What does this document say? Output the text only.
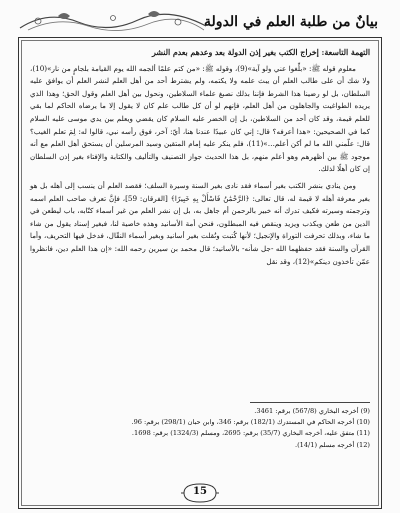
بيانٌ من طلبة العلم في الدولة

التهمة التاسعة: إخراج الكتب بغير إذن الدولة بعد وعدهم بعدم النشر

معلوم قوله ﷺ: «بلِّغوا عني ولو آية»(9)، وقوله ﷺ: «من كتم علمًا ألجمه الله يوم القيامة بلجامٍ من نار»(10)، ولا شك أن على طالب العلم أن يبث علمه ولا يكتمه، ولم يشترط أحد من أهل العلم لنشر العلم أن يوافق عليه السلطان، بل لو رضينا هذا الشرط فإننا بذلك نصبغ علماء السلاطين، ونحول بين أهل العلم وقول الحق؛ وهذا الذي يريده الطواغيت والجاهلون من أهل العلم، فإنهم لو أن كل طالب علم كان لا يقول إلا ما يرضاه الحاكم لما بقي للعلم قيمة، وقد كان أحد من السلاطين، بل إن الخضر عليه السلام كان يقضي ويعلم بين يدي موسى عليه السلام كما في الصحيحين: «هذا أعرفه؟ قال: إني كان عبيدًا عندنا هنا، أيّ: آخر، فوق رأسه نبي، قالوا له: لِمَ تعلم الغيب؟ قال: علّمني الله ما لم أكن أعلم…»(11)، فلم ينكر عليه إمام المتقين وسيد المرسلين أن يستحق أهل العلم مع أنه موجود ﷺ بين أظهرهم وهو أعلم منهم، بل هذا الحديث جواز التصنيف والتأليف والكتابة والإفتاء بغير إذن السلطان إن كان أهلًا لذلك.

ومن ينادي بنشر الكتب بغير أسماء فقد نادى بغير السنة وسيرة السلف؛ فقصد العلم أن ينسب إلى أهله بل هو بغير معرفة أهله لا قيمة له، قال تعالى: ﴿الرَّحْمَٰنُ فَاسْأَلْ بِهِ خَبِيرًا﴾ [الفرقان: 59]، فإنَّ تعرف صاحب العلم اسمه وترجمته وسيرته فكيف تدرك أنه خبير بالرحمن أم جاهل به، بل إن نشر العلم من غير أسماء كتّابه، باب ليطعن في الدين من طعن ويكذب ويزيد وينقص فيه المبطلون، فنحن أمة الأسانيد وهذه خاصية لنا، فبغير إسناد يقول من شاء ما شاء، وبذلك تحرفت التوراة والإنجيل؛ لأنها كُتبت ونُقلت بغير أسانيد وبغير أسماء النقّال، فدخل فيها التحريف، وأما القرآن والسنة فقد حفظهما الله -جل شأنه- بالأسانيد؛ قال محمد بن سيرين رحمه الله: «إن هذا العلم دين، فانظروا عمّن تأخذون دينكم»(12)، وقد نقل

(9) أخرجه البخاري (567/8) برقم: 3461.
(10) أخرجه الحاكم في المستدرك (182/1) برقم: 346، وابن حبان (298/1) برقم: 96.
(11) متفق عليه، أخرجه البخاري (35/7) برقم: 2695، ومسلم (1324/3) برقم: 1698.
(12) أخرجه مسلم (14/1).
15
